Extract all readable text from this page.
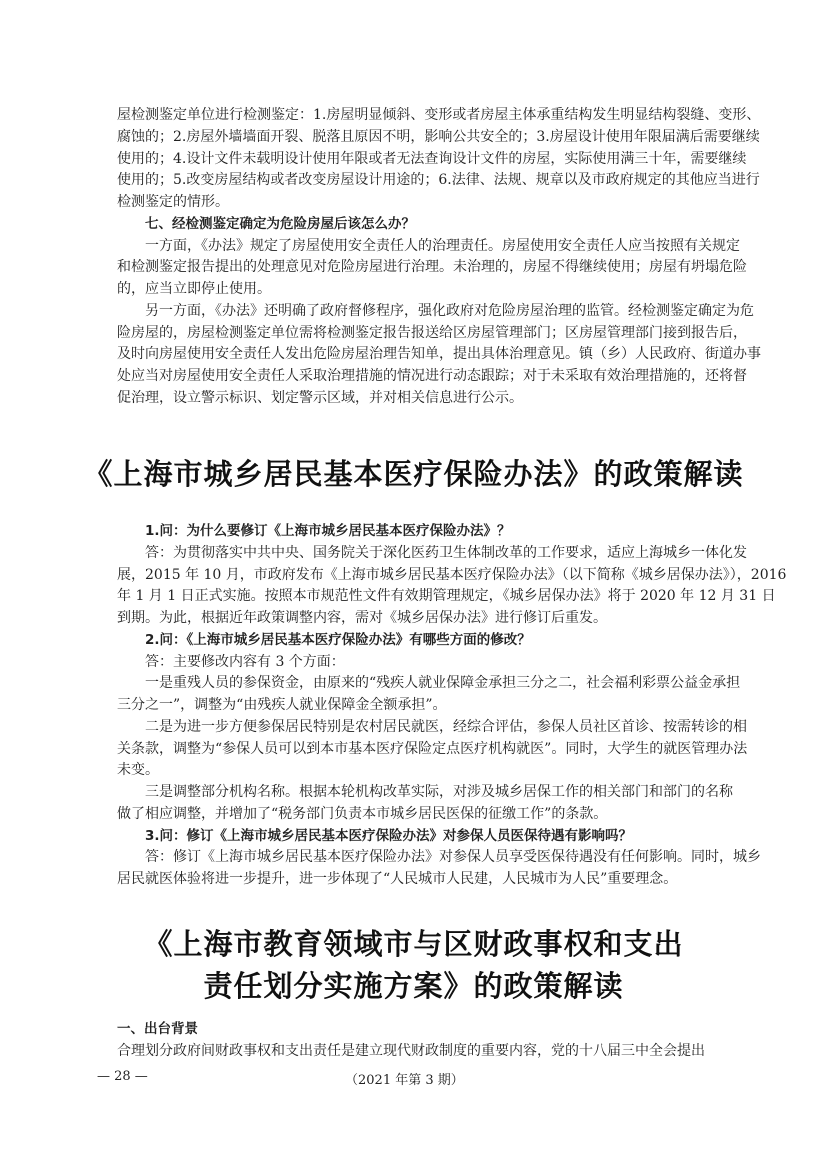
屋检测鉴定单位进行检测鉴定：1.房屋明显倾斜、变形或者房屋主体承重结构发生明显结构裂缝、变形、
腐蚀的；2.房屋外墙墙面开裂、脱落且原因不明，影响公共安全的；3.房屋设计使用年限届满后需要继续
使用的；4.设计文件未载明设计使用年限或者无法查询设计文件的房屋，实际使用满三十年，需要继续
使用的；5.改变房屋结构或者改变房屋设计用途的；6.法律、法规、规章以及市政府规定的其他应当进行
检测鉴定的情形。
七、经检测鉴定确定为危险房屋后该怎么办？
一方面，《办法》规定了房屋使用安全责任人的治理责任。房屋使用安全责任人应当按照有关规定
和检测鉴定报告提出的处理意见对危险房屋进行治理。未治理的，房屋不得继续使用；房屋有坍塌危险
的，应当立即停止使用。
另一方面，《办法》还明确了政府督修程序，强化政府对危险房屋治理的监管。经检测鉴定确定为危
险房屋的，房屋检测鉴定单位需将检测鉴定报告报送给区房屋管理部门；区房屋管理部门接到报告后，
及时向房屋使用安全责任人发出危险房屋治理告知单，提出具体治理意见。镇（乡）人民政府、街道办事
处应当对房屋使用安全责任人采取治理措施的情况进行动态跟踪；对于未采取有效治理措施的，还将督
促治理，设立警示标识、划定警示区域，并对相关信息进行公示。
《上海市城乡居民基本医疗保险办法》的政策解读
1.问：为什么要修订《上海市城乡居民基本医疗保险办法》？
答：为贯彻落实中共中央、国务院关于深化医药卫生体制改革的工作要求，适应上海城乡一体化发
展，2015 年 10 月，市政府发布《上海市城乡居民基本医疗保险办法》（以下简称《城乡居保办法》），2016
年 1 月 1 日正式实施。按照本市规范性文件有效期管理规定，《城乡居保办法》将于 2020 年 12 月 31 日
到期。为此，根据近年政策调整内容，需对《城乡居保办法》进行修订后重发。
2.问：《上海市城乡居民基本医疗保险办法》有哪些方面的修改？
答：主要修改内容有 3 个方面：
一是重残人员的参保资金，由原来的“残疾人就业保障金承担三分之二，社会福利彩票公益金承担
三分之一”，调整为“由残疾人就业保障金全额承担”。
二是为进一步方便参保居民特别是农村居民就医，经综合评估，参保人员社区首诊、按需转诊的相
关条款，调整为“参保人员可以到本市基本医疗保险定点医疗机构就医”。同时，大学生的就医管理办法
未变。
三是调整部分机构名称。根据本轮机构改革实际，对涉及城乡居保工作的相关部门和部门的名称
做了相应调整，并增加了“税务部门负责本市城乡居民医保的征缴工作”的条款。
3.问：修订《上海市城乡居民基本医疗保险办法》对参保人员医保待遇有影响吗？
答：修订《上海市城乡居民基本医疗保险办法》对参保人员享受医保待遇没有任何影响。同时，城乡
居民就医体验将进一步提升，进一步体现了“人民城市人民建，人民城市为人民”重要理念。
《上海市教育领域市与区财政事权和支出
责任划分实施方案》的政策解读
一、出台背景
合理划分政府间财政事权和支出责任是建立现代财政制度的重要内容，党的十八届三中全会提出
— 28 —	（2021 年第 3 期）
